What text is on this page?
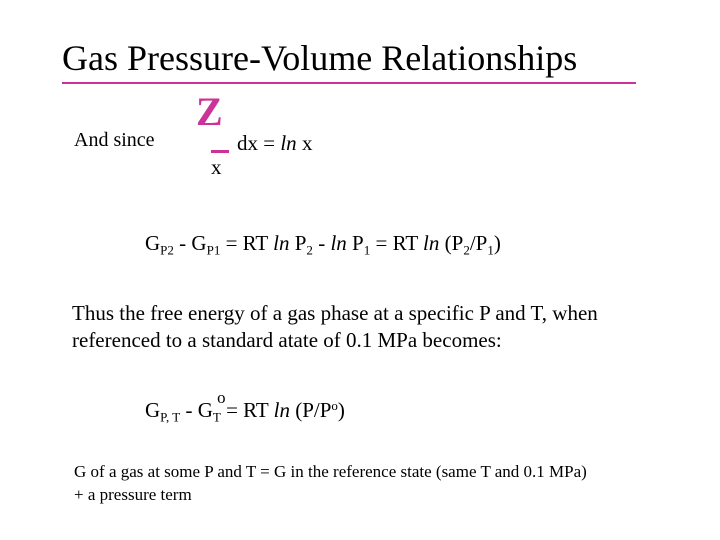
Gas Pressure-Volume Relationships
And since
Z
dx = ln x
x
$G_{P2} - G_{P1}$ = RT $\ln P_2$ - $\ln P_1$ = RT $\ln (P_2/P_1)$
Thus the free energy of a gas phase at a specific P and T, when
referenced to a standard atate of 0.1 MPa becomes:
$G_{P, T}$ - G
o
$_T$ = RT $\ln (P/P^o)$
G of a gas at some P and T = G in the reference state (same T and 0.1 MPa)
+ a pressure term
